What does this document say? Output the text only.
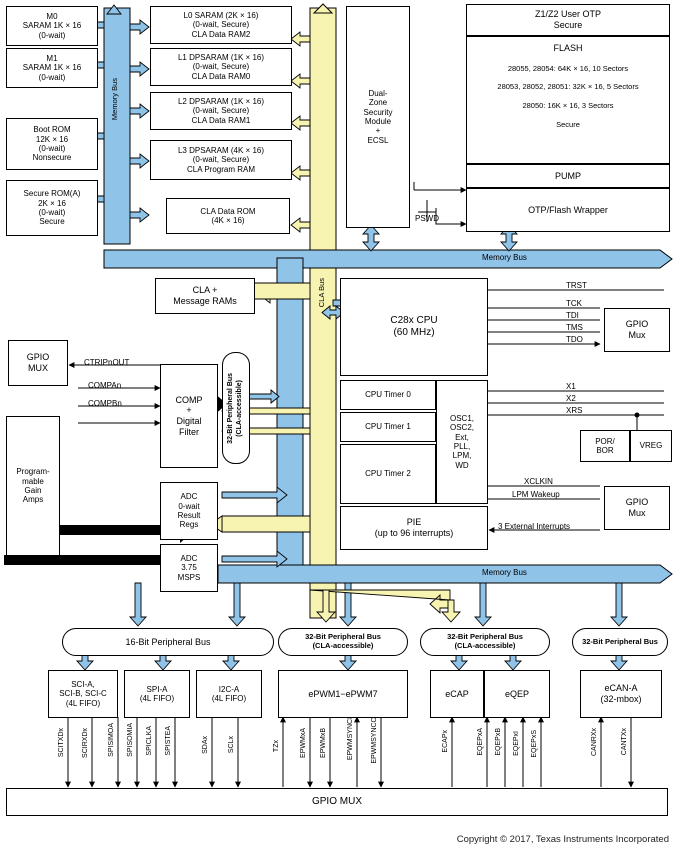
M0
SARAM 1K × 16
(0-wait)
M1
SARAM 1K × 16
(0-wait)
Boot ROM
12K × 16
(0-wait)
Nonsecure
Secure ROM(A)
2K × 16
(0-wait)
Secure
Memory Bus
L0 SARAM (2K × 16)
(0-wait, Secure)
CLA Data RAM2
L1 DPSARAM (1K × 16)
(0-wait, Secure)
CLA Data RAM0
L2 DPSARAM (1K × 16)
(0-wait, Secure)
CLA Data RAM1
L3 DPSARAM (4K × 16)
(0-wait, Secure)
CLA Program RAM
CLA Data ROM
(4K × 16)
Dual-
Zone
Security
Module
+
ECSL
PSWD
Z1/Z2 User OTP
Secure
FLASH
28055, 28054: 64K × 16, 10 Sectors
28053, 28052, 28051: 32K × 16, 5 Sectors
28050: 16K × 16, 3 Sectors
Secure
PUMP
OTP/Flash Wrapper
Memory Bus
Memory Bus
CLA Bus
CLA +
Message RAMs
C28x CPU
(60 MHz)
CPU Timer 0
CPU Timer 1
CPU Timer 2
OSC1,
OSC2,
Ext,
PLL,
LPM,
WD
PIE
(up to 96 interrupts)
TRST
TCK
TDI
TMS
TDO
GPIO
Mux
X1
X2
XRS
POR/
BOR
VREG
XCLKIN
LPM Wakeup
GPIO
Mux
3 External Interrupts
GPIO
MUX
CTRIPnOUT
COMPAn
COMPBn	COMP
+
Digital
Filter
Program-
mable
Gain
Amps
32-Bit Peripheral Bus (CLA-accessible)
ADC
0-wait
Result
Regs
ADC
3.75
MSPS
16-Bit Peripheral Bus
32-Bit Peripheral Bus
(CLA-accessible)
32-Bit Peripheral Bus
(CLA-accessible)	32-Bit Peripheral Bus
SCI-A,
SCI-B, SCI-C
(4L FIFO)
SPI-A
(4L FIFO)
I2C-A
(4L FIFO)	ePWM1−ePWM7	eCAP	eQEP
eCAN-A
(32-mbox)
SCITXDx SCIRXDx	SPISIMOA SPISOMIA SPICLKA SPISTEA	SDAx	SCLx	TZx	EPWMxA EPWMxB	EPWMSYNCI EPWMSYNCO	ECAPx	EQEPxA EQEPxB EQEPxI EQEPxS	CANRXx	CANTXx
GPIO MUX
Copyright © 2017, Texas Instruments Incorporated
